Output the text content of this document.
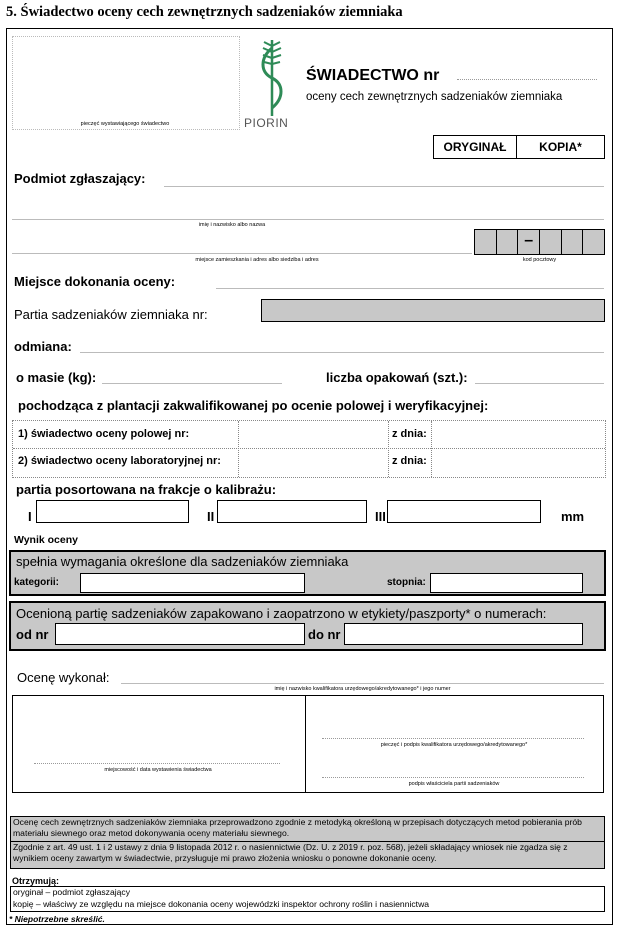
5. Świadectwo oceny cech zewnętrznych sadzeniaków ziemniaka
pieczęć wystawiającego świadectwo	PIORIN
ŚWIADECTWO nr
oceny cech zewnętrznych sadzeniaków ziemniaka
ORYGINAŁ	KOPIA*
Podmiot zgłaszający:
imię i nazwisko albo nazwa
miejsce zamieszkania i adres albo siedziba i adres
–
kod pocztowy
Miejsce dokonania oceny:
Partia sadzeniaków ziemniaka nr:
odmiana:
o masie (kg):	liczba opakowań (szt.):
pochodząca z plantacji zakwalifikowanej po ocenie polowej i weryfikacyjnej:
1) świadectwo oceny polowej nr:	z dnia:
2) świadectwo oceny laboratoryjnej nr:	z dnia:
partia posortowana na frakcje o kalibrażu:
I	II	III	mm
Wynik oceny
spełnia wymagania określone dla sadzeniaków ziemniaka
kategorii:	stopnia:
Ocenioną partię sadzeniaków zapakowano i zaopatrzono w etykiety/paszporty* o numerach:
od nr	do nr
Ocenę wykonał:
imię i nazwisko kwalifikatora urzędowego/akredytowanego* i jego numer
miejscowość i data wystawienia świadectwa
pieczęć i podpis kwalifikatora urzędowego/akredytowanego*
podpis właściciela partii sadzeniaków
Ocenę cech zewnętrznych sadzeniaków ziemniaka przeprowadzono zgodnie z metodyką określoną w przepisach dotyczących metod pobierania prób materiału siewnego oraz metod dokonywania oceny materiału siewnego.
Zgodnie z art. 49 ust. 1 i 2 ustawy z dnia 9 listopada 2012 r. o nasiennictwie (Dz. U. z 2019 r. poz. 568), jeżeli składający wniosek nie zgadza się z wynikiem oceny zawartym w świadectwie, przysługuje mi prawo złożenia wniosku o ponowne dokonanie oceny.
Otrzymują:
oryginał – podmiot zgłaszający
kopię – właściwy ze względu na miejsce dokonania oceny wojewódzki inspektor ochrony roślin i nasiennictwa
* Niepotrzebne skreślić.
